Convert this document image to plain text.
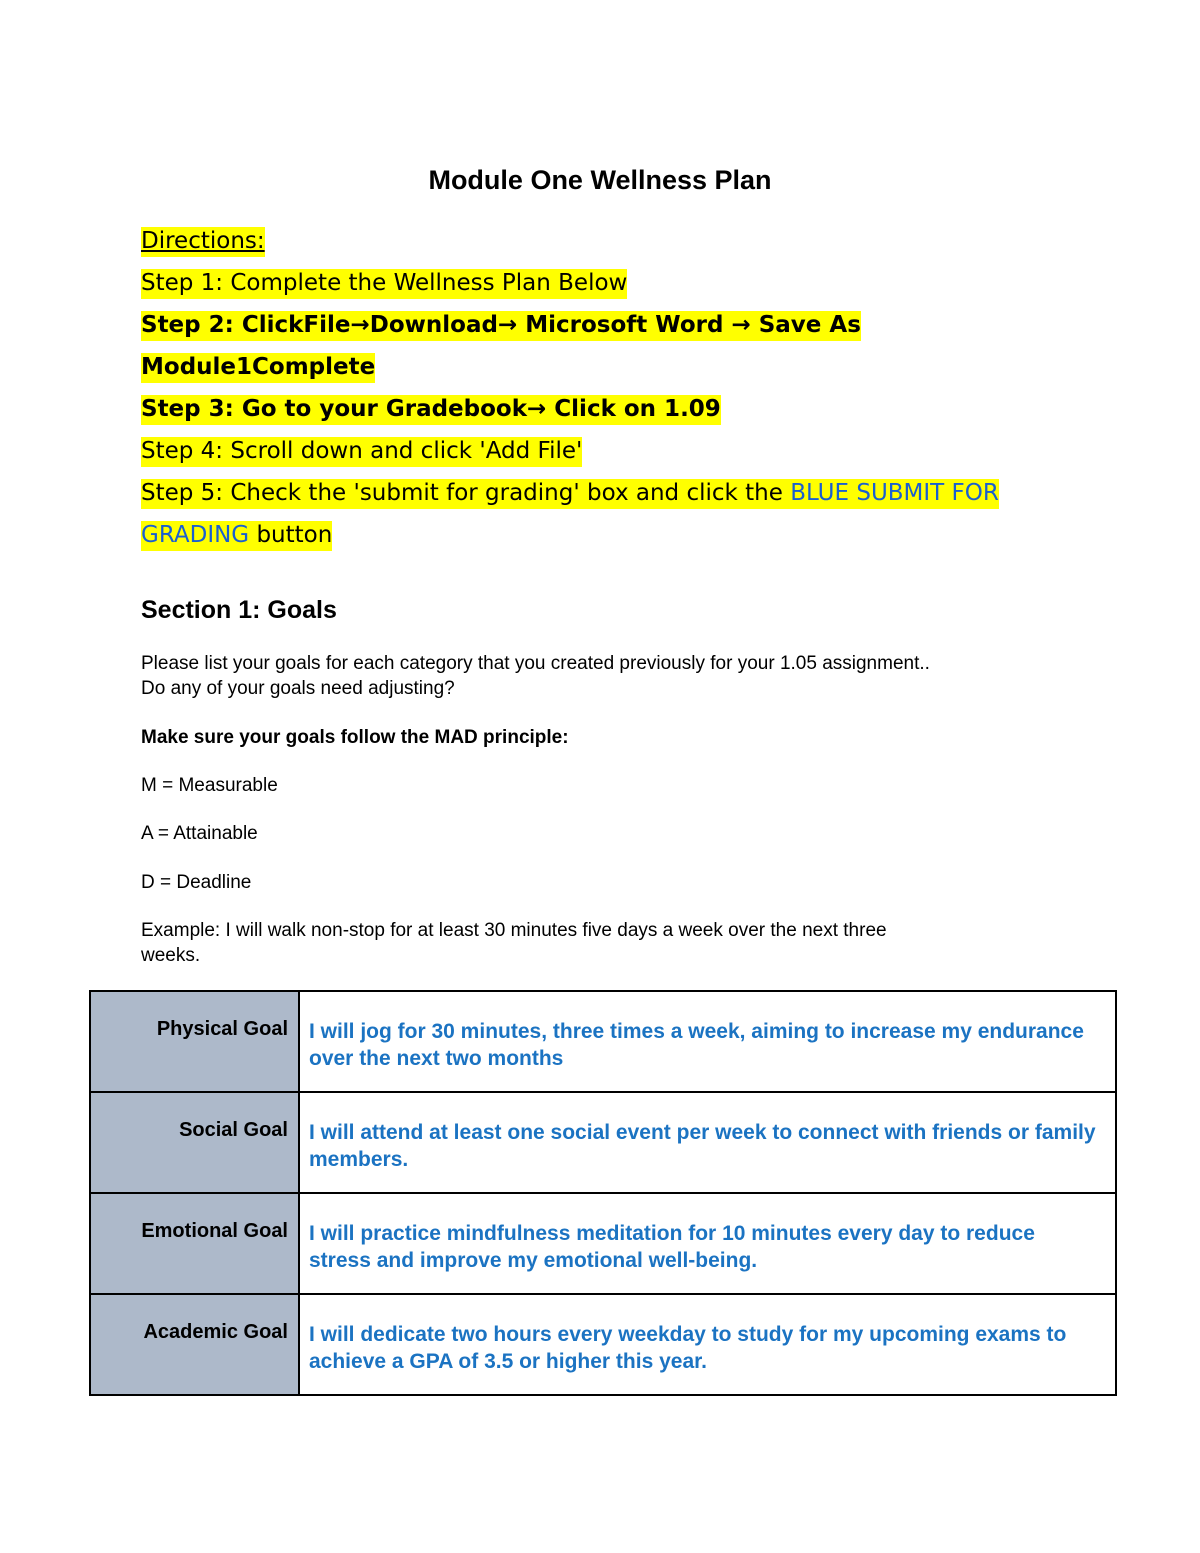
Module One Wellness Plan
Directions:
Step 1: Complete the Wellness Plan Below
Step 2: ClickFile→Download→ Microsoft Word → Save As
Module1Complete
Step 3: Go to your Gradebook→ Click on 1.09
Step 4: Scroll down and click 'Add File'
Step 5: Check the 'submit for grading' box and click the BLUE SUBMIT FOR
GRADING button
Section 1: Goals
Please list your goals for each category that you created previously for your 1.05 assignment..
Do any of your goals need adjusting?
Make sure your goals follow the MAD principle:
M = Measurable
A = Attainable
D = Deadline
Example: I will walk non-stop for at least 30 minutes five days a week over the next three
weeks.
Physical Goal	I will jog for 30 minutes, three times a week, aiming to increase my endurance over the next two months

Social Goal	I will attend at least one social event per week to connect with friends or family members.

Emotional Goal	I will practice mindfulness meditation for 10 minutes every day to reduce stress and improve my emotional well-being.

Academic Goal	I will dedicate two hours every weekday to study for my upcoming exams to achieve a GPA of 3.5 or higher this year.
